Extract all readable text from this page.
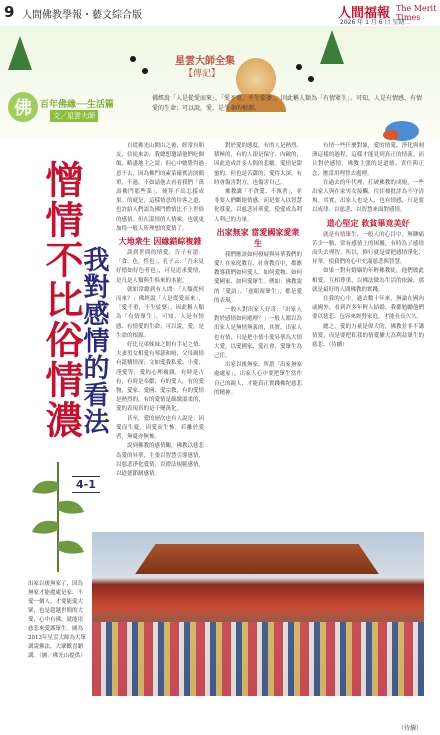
9 人間佛教學報・藝文綜合版	人間福報 The Merit Times
2026 年 1 月 6 日 星期二
星雲大師全集
【傳記】
佛 百年佛緣──生活篇
文／星雲大師
佛經說「人是從愛而來」，「愛不重，不生娑婆」，因此稱人類為「有情眾生」。可知，人是有情感、有情愛的生命；可以說，愛，是生命的根源。
憎情不比俗情濃
我對感情的看法
4-1

自從佛光山開山之後，經常有朋友、信徒來訪，我總想邀請他們吃個飯，略盡地主之誼；但心中總覺得過意不去，因為佛門的素菜確實清淡簡單，不過，不如請他去看看我們「萬壽佛門那些菜」，便拜不出怎樣成果。的就是，這樣情意的待客之道，也許給人們認為佛門僧情比不上世俗的感情。但在溫情的人情味，也就更加得一般人所理想的愛情了。

大地衆生 因緣錯綜複雜

談到世間的情愛，告子有謂：「食、色，性也」，孔子云：「吾未見好德如好色者也」，可見追求愛情，是凡是人類與生俱來的本能。

就如常聽到有人問：「人類從何而來？」佛經說「人是從愛而來」，「愛不重，不生娑婆」，因此稱人類為「有情眾生」。可知，人是有情感、有情愛的生命；可以說，愛，是生命的根源。

好比兄弟姊妹之間有手足之情、夫妻男女相愛有琴瑟和鳴，父母親情有舐犢情深；文如愛我私愛、小愛、淨愛等，愛的心理複雜，有時是占有，有時是奉獻；有的愛人，有的愛物，愛家、愛國、愛宗教，有的愛情是熱烈的，有的愛情是細緻溫柔的，愛的表現真的是千變萬化。

甚至，愛的層次也有人說是：因愛而生憂，因愛而生怖，若離於愛者，無憂亦無怖。

說到佛教的感情觀，佛教以慈悲為愛的昇華，主張以智慧引導感情，以慈悲淨化愛情，以禮法規範感情，以道德節制感情。

對於愛的態度，有的人是熱烈、積極的，有的人卻是保守、內斂的，因此造成許多人間的悲劇。愛情是甜蜜的，但也是苦澀的，愛得太深，有時會傷害對方，也傷害自己。

佛教講「不貪愛、不執著」，並非要人們斷絕情感，而是要人以智慧化導愛，以慈悲昇華愛，使愛成為利人利己的力量。

出家無家 當愛國家愛衆生

我們應該如何發展與昇華我們的愛？在家庭教育、社會教育中，都應教導我們如何愛人、如何愛物、如何愛國家、如何愛眾生。例如：佛教說的「愛語」、「慈眼視眾生」，都是愛的表現。

一般人對出家人好奇：「出家人對於感情如何處理？」一般人都以為出家人是無情無義的，其實，出家人也有情，只是把小情小愛昇華為大情大愛，以愛國家、愛社會、愛眾生為己任。

出家以後無家，所謂「出家無家處處家」，出家人心中要把眾生當作自己的親人，才能真正實踐佛陀慈悲的精神。

有情一些什麼對象，愛的情愛，淨化與刻薄這樣的過程，這樣才能見到真正的情義。而且對於感情，佛教主張的是道德、責任與正念，應當用理智去處理。

在過去的年代裡，打破佛教的成規，一些出家人與在家男女接觸，往往被批評為不守清規。其實，出家人也是人，也有情感，只是要以戒律、以慈悲、以智慧來面對感情。

道心堅定 救貧畢竟美好

就是有情眾生，一般人的心目中，無聊痛苦少一點，常有感情上的困擾，有時為了感情而失去理智。所以，修行就是要把感情淨化、昇華，使我們的心中充滿慈悲與智慧。

如果一對有婚姻的年輕佛教徒，他們彼此相愛，互相尊重，以佛法做為生活的依歸，那就是最好的人間佛教的實踐。

在我的心中，過去數十年來，無論在國內或國外，看到許多年輕人結婚，我都勉勵他們要以慈悲、包容來經營家庭，才能長長久久。

總之，愛的力量是偉大的，佛教並非不講情愛，而是要把私我的情愛擴大為利益眾生的慈悲。（待續）

出家以後無家了，因為無家才能處處是家。不愛一個人，才要能愛大眾，也是超越世間的大愛，心中有佛，就能用慈悲來愛護眾生。圖為2013年星雲大師為大眾講說佛法，大眾歡喜聽講。（圖／佛光山提供）
（待續）
